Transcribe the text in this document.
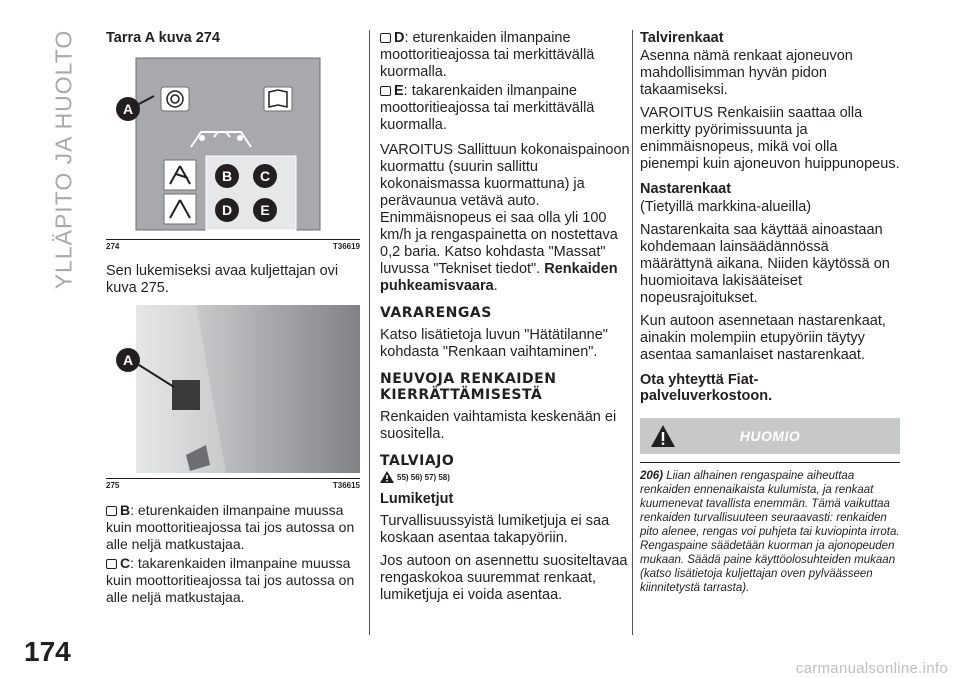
YLLÄPITO JA HUOLTO
174
Tarra A kuva 274
A
B C
D E
274	T36619

Sen lukemiseksi avaa kuljettajan ovi kuva 275.

A
275	T36615

B: eturenkaiden ilmanpaine muussa kuin moottoritieajossa tai jos autossa on alle neljä matkustajaa.

C: takarenkaiden ilmanpaine muussa kuin moottoritieajossa tai jos autossa on alle neljä matkustajaa.

D: eturenkaiden ilmanpaine moottoritieajossa tai merkittävällä kuormalla.

E: takarenkaiden ilmanpaine moottoritieajossa tai merkittävällä kuormalla.

VAROITUS Sallittuun kokonaispainoon kuormattu (suurin sallittu kokonaismassa kuormattuna) ja perävaunua vetävä auto. Enimmäisnopeus ei saa olla yli 100 km/h ja rengaspainetta on nostettava 0,2 baria. Katso kohdasta "Massat" luvussa "Tekniset tiedot". Renkaiden puhkeamisvaara.

VARARENGAS

Katso lisätietoja luvun "Hätätilanne" kohdasta "Renkaan vaihtaminen".

NEUVOJA RENKAIDEN KIERRÄTTÄMISESTÄ

Renkaiden vaihtamista keskenään ei suositella.

TALVIAJO
55) 56) 57) 58)
Lumiketjut

Turvallisuussyistä lumiketjuja ei saa koskaan asentaa takapyöriin.

Jos autoon on asennettu suositeltavaa rengaskokoa suuremmat renkaat, lumiketjuja ei voida asentaa.

Talvirenkaat

Asenna nämä renkaat ajoneuvon mahdollisimman hyvän pidon takaamiseksi.

VAROITUS Renkaisiin saattaa olla merkitty pyörimissuunta ja enimmäisnopeus, mikä voi olla pienempi kuin ajoneuvon huippunopeus.

Nastarenkaat

(Tietyillä markkina-alueilla)

Nastarenkaita saa käyttää ainoastaan kohdemaan lainsäädännössä määrättynä aikana. Niiden käytössä on huomioitava lakisääteiset nopeusrajoitukset.

Kun autoon asennetaan nastarenkaat, ainakin molempiin etupyöriin täytyy asentaa samanlaiset nastarenkaat.

Ota yhteyttä Fiat-palveluverkostoon.
HUOMIO
206) Liian alhainen rengaspaine aiheuttaa renkaiden ennenaikaista kulumista, ja renkaat kuumenevat tavallista enemmän. Tämä vaikuttaa renkaiden turvallisuuteen seuraavasti: renkaiden pito alenee, rengas voi puhjeta tai kuviopinta irrota. Rengaspaine säädetään kuorman ja ajonopeuden mukaan. Säädä paine käyttöolosuhteiden mukaan (katso lisätietoja kuljettajan oven pylväässeen kiinnitetystä tarrasta).
carmanualsonline.info
